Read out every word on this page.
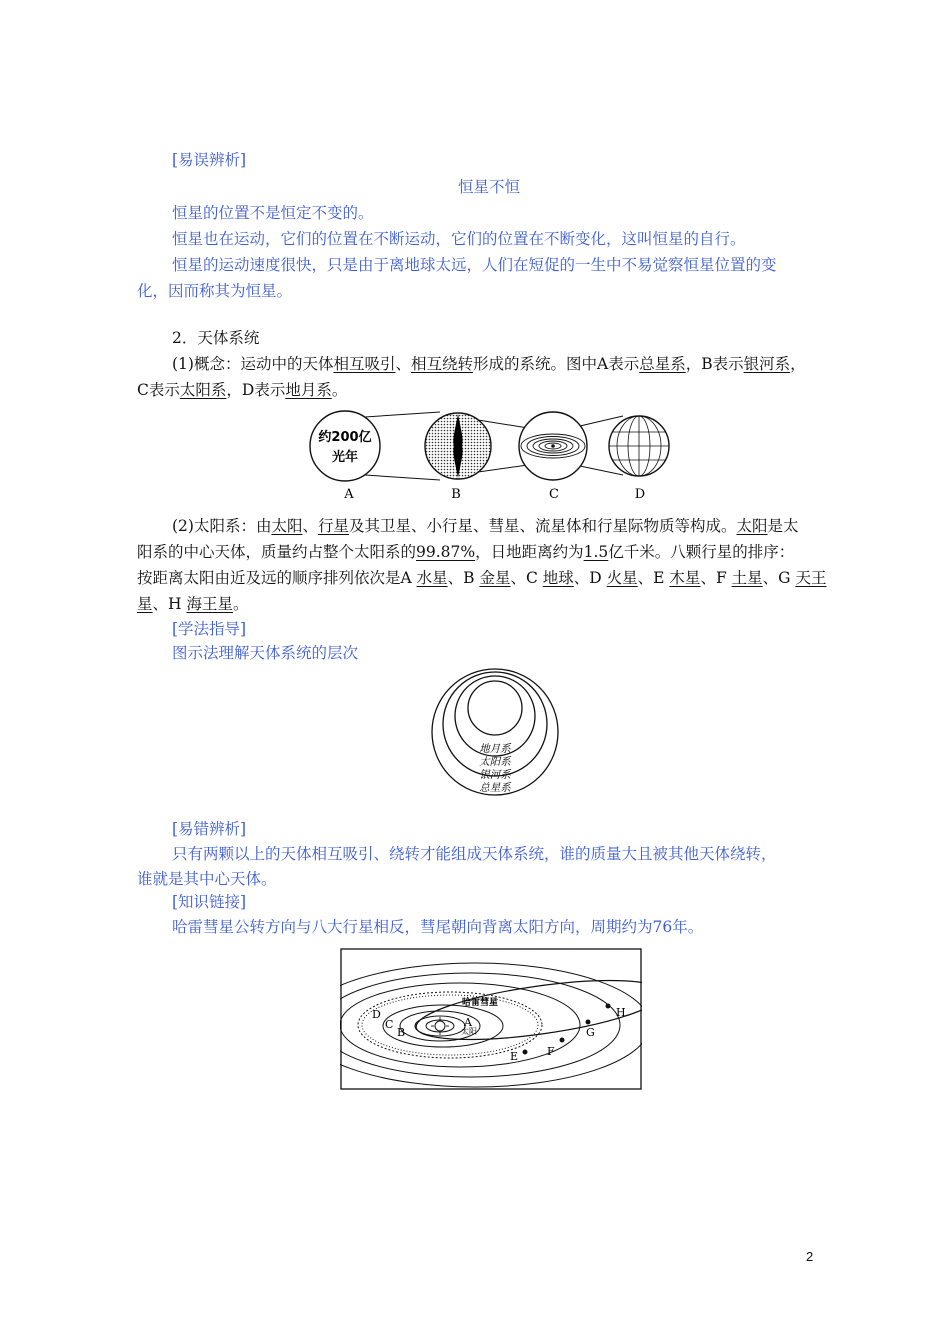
[易误辨析]
恒星不恒
恒星的位置不是恒定不变的。
恒星也在运动，它们的位置在不断运动，它们的位置在不断变化，这叫恒星的自行。
恒星的运动速度很快，只是由于离地球太远，人们在短促的一生中不易觉察恒星位置的变
化，因而称其为恒星。
2．天体系统
(1)概念：运动中的天体相互吸引、相互绕转形成的系统。图中A表示总星系，B表示银河系，
C表示太阳系，D表示地月系。
约200亿
光年
A	B	C	D
(2)太阳系：由太阳、行星及其卫星、小行星、彗星、流星体和行星际物质等构成。太阳是太
阳系的中心天体，质量约占整个太阳系的99.87%，日地距离约为1.5亿千米。八颗行星的排序：
按距离太阳由近及远的顺序排列依次是A 水星、B 金星、C 地球、D 火星、E 木星、F 土星、G 天王
星、H 海王星。
[学法指导]
图示法理解天体系统的层次
地月系
太阳系
银河系
总星系
[易错辨析]
只有两颗以上的天体相互吸引、绕转才能组成天体系统，谁的质量大且被其他天体绕转，
谁就是其中心天体。
[知识链接]
哈雷彗星公转方向与八大行星相反，彗尾朝向背离太阳方向，周期约为76年。
哈雷彗星
太阳
A
B
C
D
E	F
G
H
2
